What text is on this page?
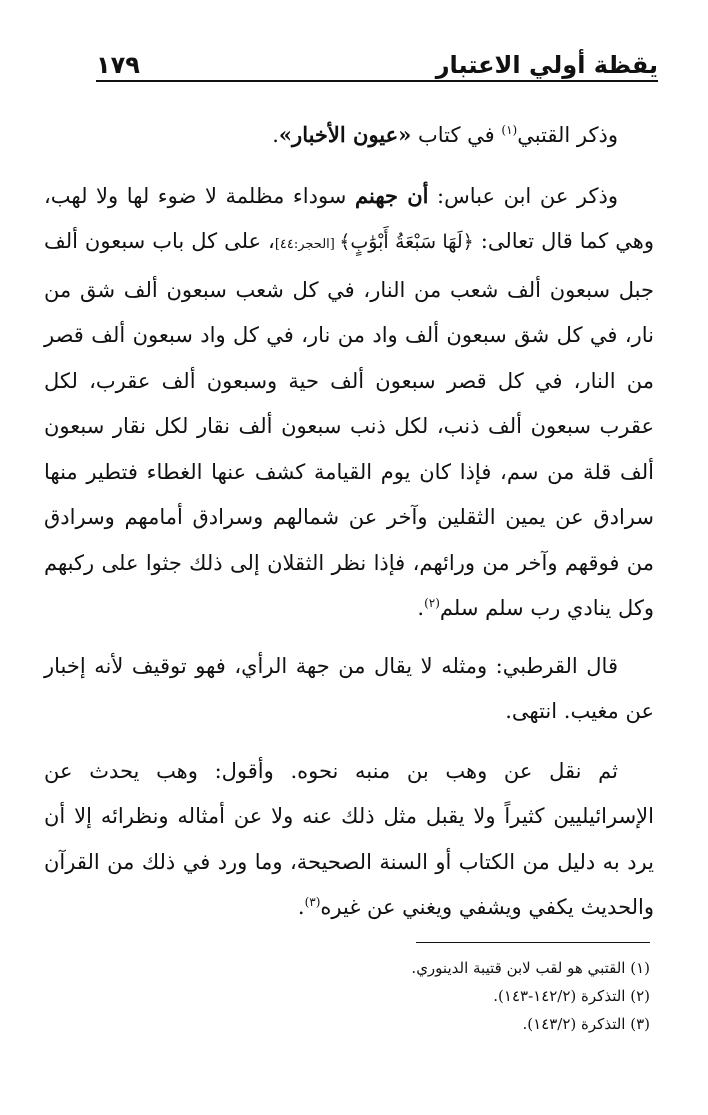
يقظة أولي الاعتبار
١٧٩

وذكر القتبي$^{(١)}$ في كتاب «عيون الأخبار».

وذكر عن ابن عباس: أن جهنم سوداء مظلمة لا ضوء لها ولا لهب، وهي كما قال تعالى: ﴿لَهَا سَبْعَةُ أَبْوَٰبٍ﴾ [الحجر:٤٤]، على كل باب سبعون ألف جبل سبعون ألف شعب من النار، في كل شعب سبعون ألف شق من نار، في كل شق سبعون ألف واد من نار، في كل واد سبعون ألف قصر من النار، في كل قصر سبعون ألف حية وسبعون ألف عقرب، لكل عقرب سبعون ألف ذنب، لكل ذنب سبعون ألف نقار لكل نقار سبعون ألف قلة من سم، فإذا كان يوم القيامة كشف عنها الغطاء فتطير منها سرادق عن يمين الثقلين وآخر عن شمالهم وسرادق أمامهم وسرادق من فوقهم وآخر من ورائهم، فإذا نظر الثقلان إلى ذلك جثوا على ركبهم وكل ينادي رب سلم سلم$^{(٢)}$.

قال القرطبي: ومثله لا يقال من جهة الرأي، فهو توقيف لأنه إخبار عن مغيب. انتهى.

ثم نقل عن وهب بن منبه نحوه. وأقول: وهب يحدث عن الإسرائيليين كثيراً ولا يقبل مثل ذلك عنه ولا عن أمثاله ونظرائه إلا أن يرد به دليل من الكتاب أو السنة الصحيحة، وما ورد في ذلك من القرآن والحديث يكفي ويشفي ويغني عن غيره$^{(٣)}$.

(١) القتبي هو لقب لابن قتيبة الدينوري.
(٢) التذكرة (١٤٢/٢-١٤٣).
(٣) التذكرة (١٤٣/٢).
